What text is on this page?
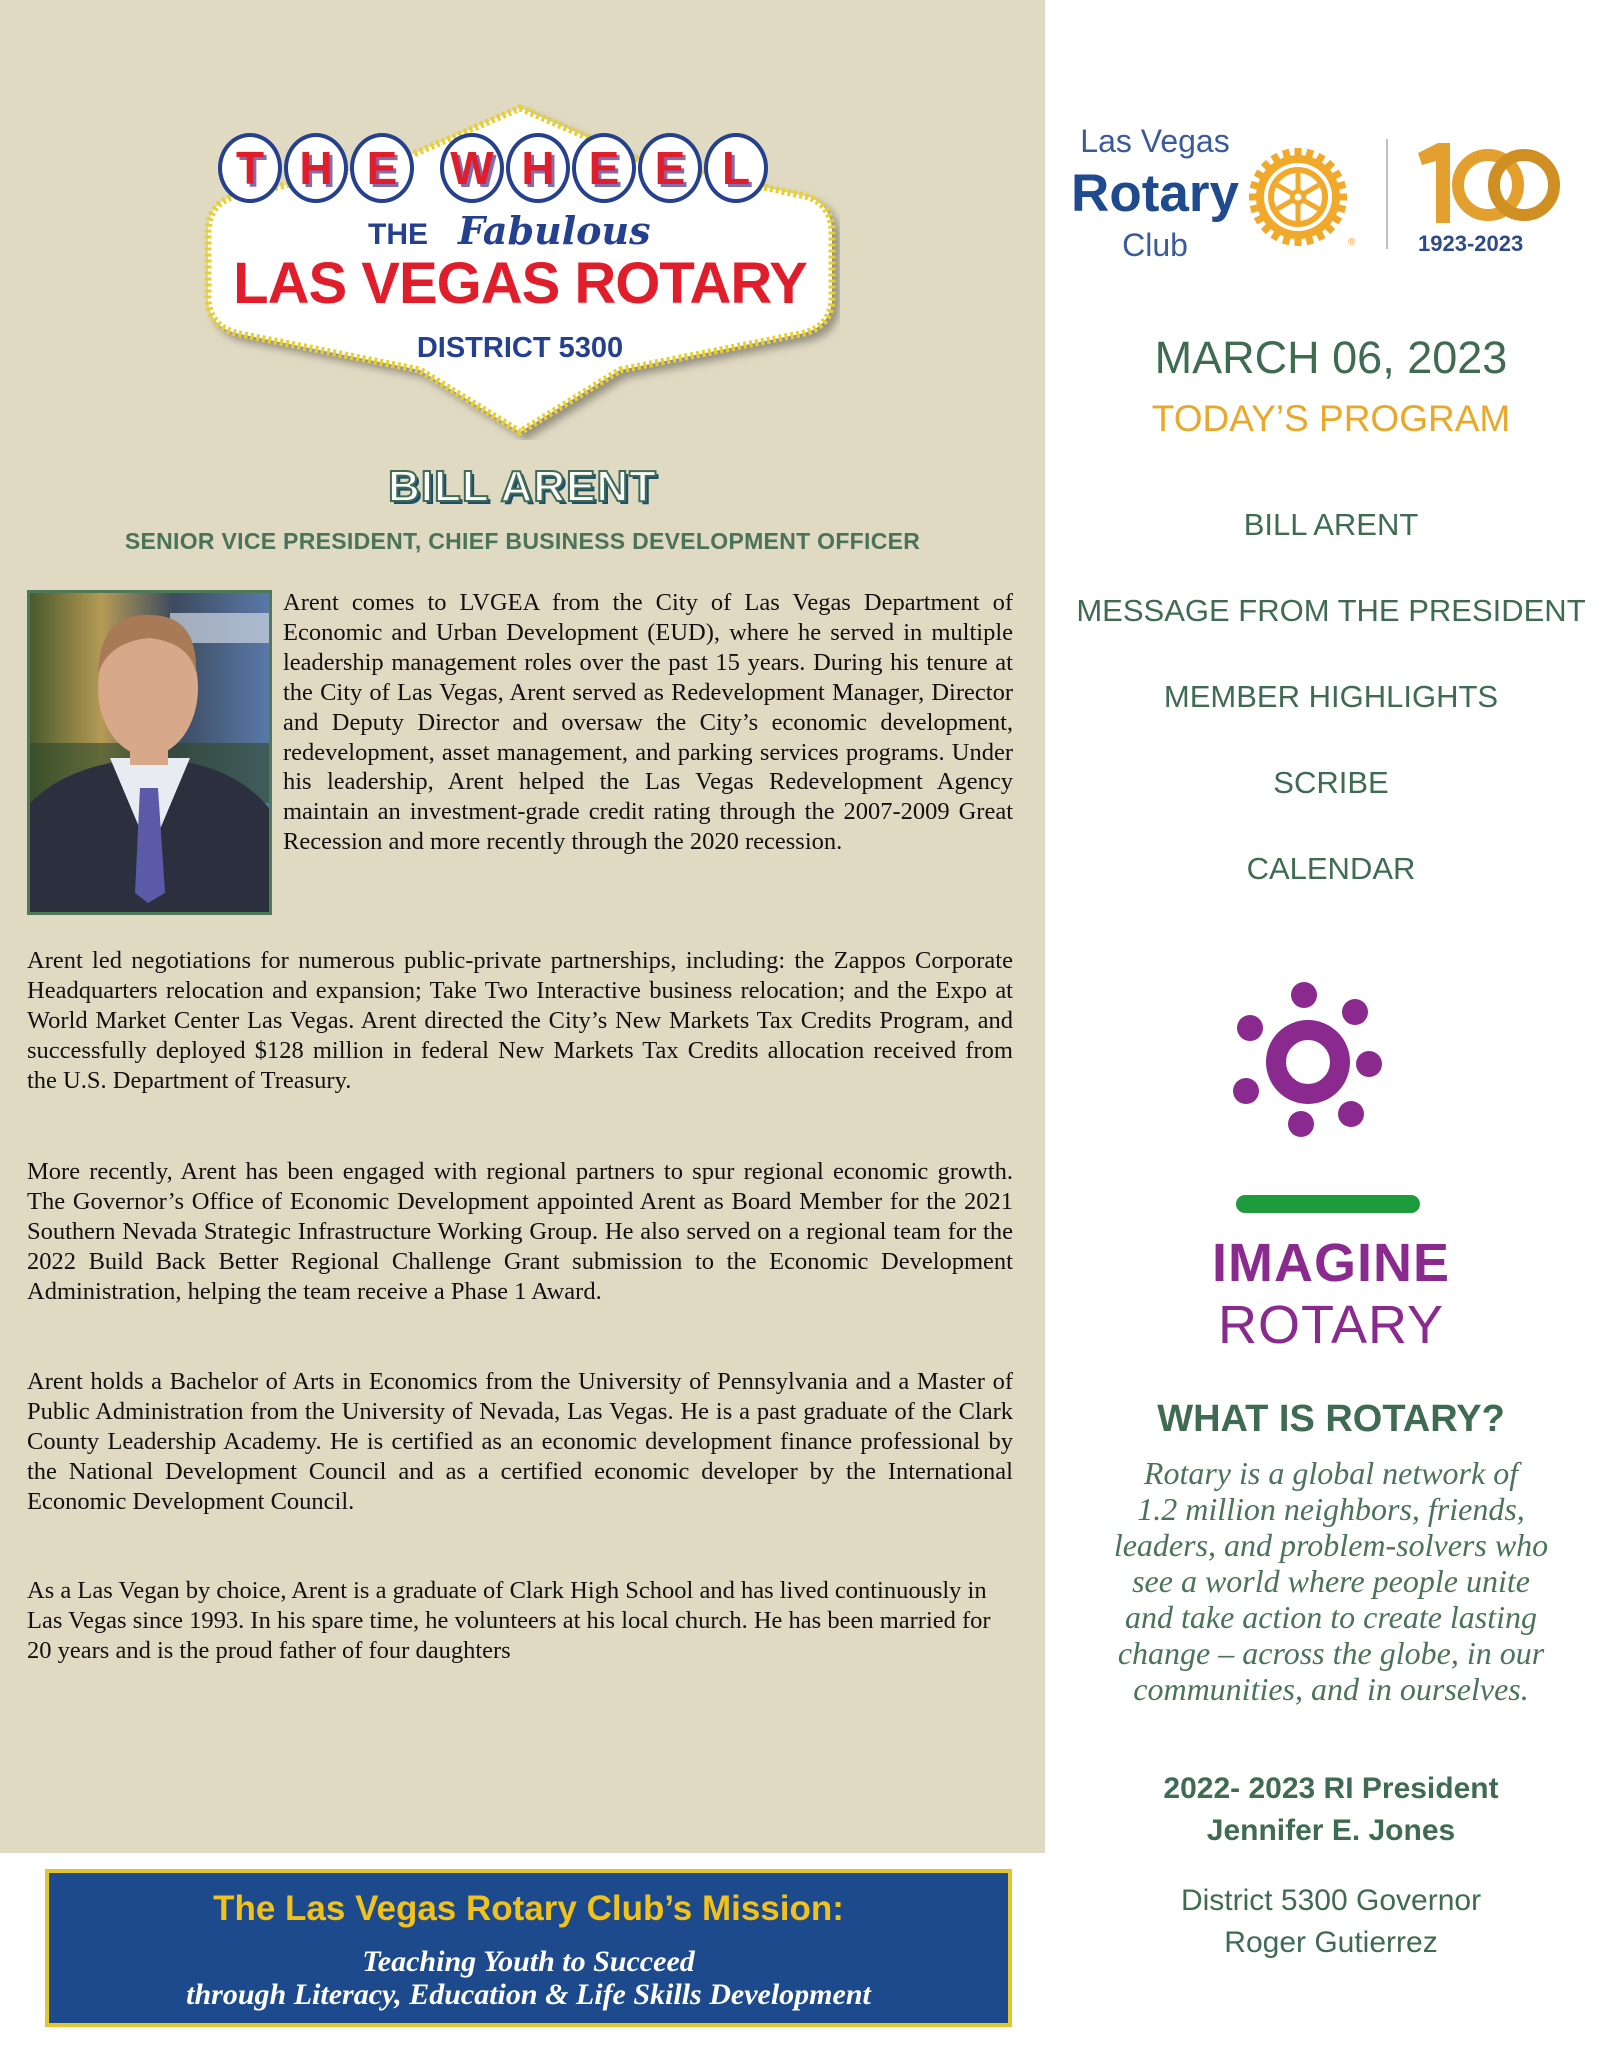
T H E	W H E E L
THE Fabulous
LAS VEGAS ROTARY
DISTRICT 5300
BILL ARENT
SENIOR VICE PRESIDENT, CHIEF BUSINESS DEVELOPMENT OFFICER

Arent comes to LVGEA from the City of Las Vegas Department of Economic and Urban Development (EUD), where he served in multiple leadership management roles over the past 15 years. During his tenure at the City of Las Vegas, Arent served as Redevelopment Manager, Director and Deputy Director and oversaw the City’s economic development, redevelopment, asset management, and parking services programs. Under his leadership, Arent helped the Las Vegas Redevelopment Agency maintain an investment-grade credit rating through the 2007-2009 Great Recession and more recently through the 2020 recession.

Arent led negotiations for numerous public-private partnerships, including: the Zappos Corporate Headquarters relocation and expansion; Take Two Interactive business relocation; and the Expo at World Market Center Las Vegas. Arent directed the City’s New Markets Tax Credits Program, and successfully deployed $128 million in federal New Markets Tax Credits allocation received from the U.S. Department of Treasury.

More recently, Arent has been engaged with regional partners to spur regional economic growth. The Governor’s Office of Economic Development appointed Arent as Board Member for the 2021 Southern Nevada Strategic Infrastructure Working Group. He also served on a regional team for the 2022 Build Back Better Regional Challenge Grant submission to the Economic Development Administration, helping the team receive a Phase 1 Award.

Arent holds a Bachelor of Arts in Economics from the University of Pennsylvania and a Master of Public Administration from the University of Nevada, Las Vegas. He is a past graduate of the Clark County Leadership Academy. He is certified as an economic development finance professional by the National Development Council and as a certified economic developer by the International Economic Development Council.

As a Las Vegan by choice, Arent is a graduate of Clark High School and has lived continuously in Las Vegas since 1993. In his spare time, he volunteers at his local church. He has been married for 20 years and is the proud father of four daughters

The Las Vegas Rotary Club’s Mission:
Teaching Youth to Succeed
through Literacy, Education & Life Skills Development
Las Vegas
Rotary
Club	®	1923-2023
MARCH 06, 2023
TODAY’S PROGRAM
BILL ARENT
MESSAGE FROM THE PRESIDENT
MEMBER HIGHLIGHTS
SCRIBE
CALENDAR
IMAGINE
ROTARY
WHAT IS ROTARY?
Rotary is a global network of
1.2 million neighbors, friends,
leaders, and problem-solvers who
see a world where people unite
and take action to create lasting
change – across the globe, in our
communities, and in ourselves.
2022- 2023 RI President
Jennifer E. Jones
District 5300 Governor
Roger Gutierrez
